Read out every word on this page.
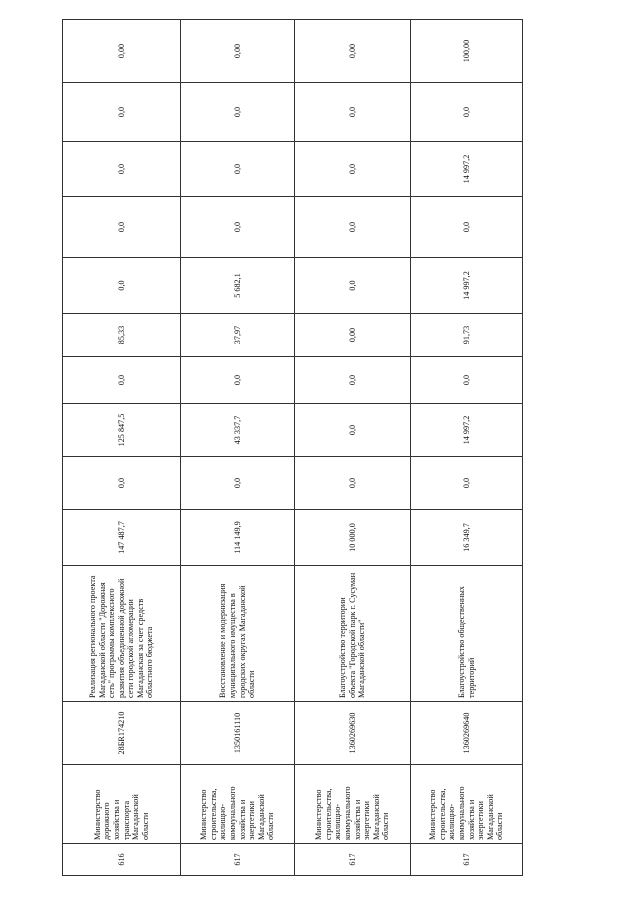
616	Министерство дорожного хозяйства и транспорта Магаданской области	28БR174210	Реализация регионального проекта Магаданской области "Дорожная сеть" программы комплексного развития объединенной дорожной сети городской агломерации Магаданская за счет средств областного бюджета	147 487,7	0,0	125 847,5	0,0	85,33	0,0	0,0	0,0	0,0	0,00
617	Министерство строительства, жилищно-коммунального хозяйства и энергетики Магаданской области	1350161110	Восстановление и модернизация муниципального имущества в городских округах Магаданской области	114 149,9	0,0	43 337,7	0,0	37,97	5 682,1	0,0	0,0	0,0	0,00
617	Министерство строительства, жилищно-коммунального хозяйства и энергетики Магаданской области	1360269630	Благоустройство территории объекта "Городской парк г. Сусуман Магаданской области"	10 000,0	0,0	0,0	0,0	0,00	0,0	0,0	0,0	0,0	0,00
617	Министерство строительства, жилищно-коммунального хозяйства и энергетики Магаданской области	1360269640	Благоустройство общественных территорий	16 349,7	0,0	14 997,2	0,0	91,73	14 997,2	0,0	14 997,2	0,0	100,00
